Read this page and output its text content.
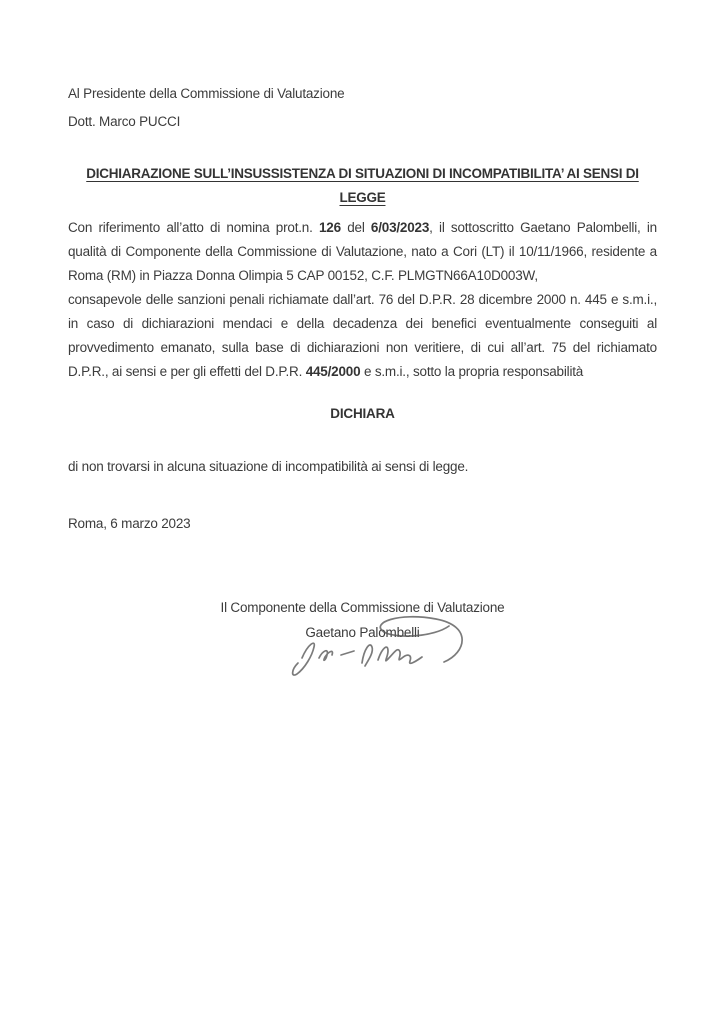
Al Presidente della Commissione di Valutazione

Dott. Marco PUCCI

DICHIARAZIONE SULL’INSUSSISTENZA DI SITUAZIONI DI INCOMPATIBILITA’ AI SENSI DI LEGGE

Con riferimento all’atto di nomina prot.n. 126 del 6/03/2023, il sottoscritto Gaetano Palombelli, in qualità di Componente della Commissione di Valutazione, nato a Cori (LT) il 10/11/1966, residente a Roma (RM) in Piazza Donna Olimpia 5 CAP 00152, C.F. PLMGTN66A10D003W,

consapevole delle sanzioni penali richiamate dall’art. 76 del D.P.R. 28 dicembre 2000 n. 445 e s.m.i., in caso di dichiarazioni mendaci e della decadenza dei benefici eventualmente conseguiti al provvedimento emanato, sulla base di dichiarazioni non veritiere, di cui all’art. 75 del richiamato D.P.R., ai sensi e per gli effetti del D.P.R. 445/2000 e s.m.i., sotto la propria responsabilità

DICHIARA

di non trovarsi in alcuna situazione di incompatibilità ai sensi di legge.

Roma, 6 marzo 2023

Il Componente della Commissione di Valutazione

Gaetano Palombelli
